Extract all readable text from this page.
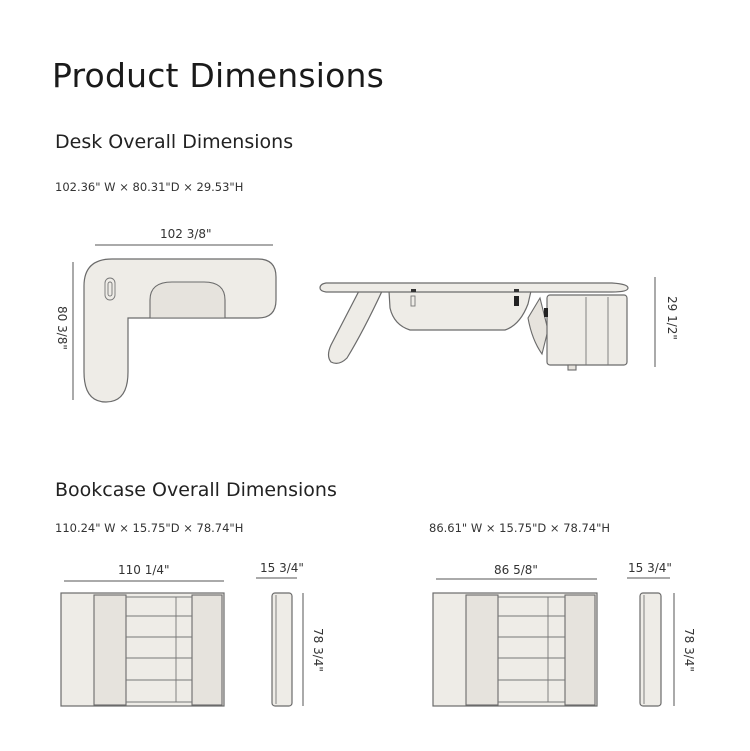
Product Dimensions
Desk Overall Dimensions
102.36" W × 80.31"D × 29.53"H
102 3/8"
80 3/8"	29 1/2"
Bookcase Overall Dimensions
110.24" W × 15.75"D × 78.74"H	86.61" W × 15.75"D × 78.74"H
110 1/4"	15 3/4"
78 3/4"
86 5/8"	15 3/4"
78 3/4"
